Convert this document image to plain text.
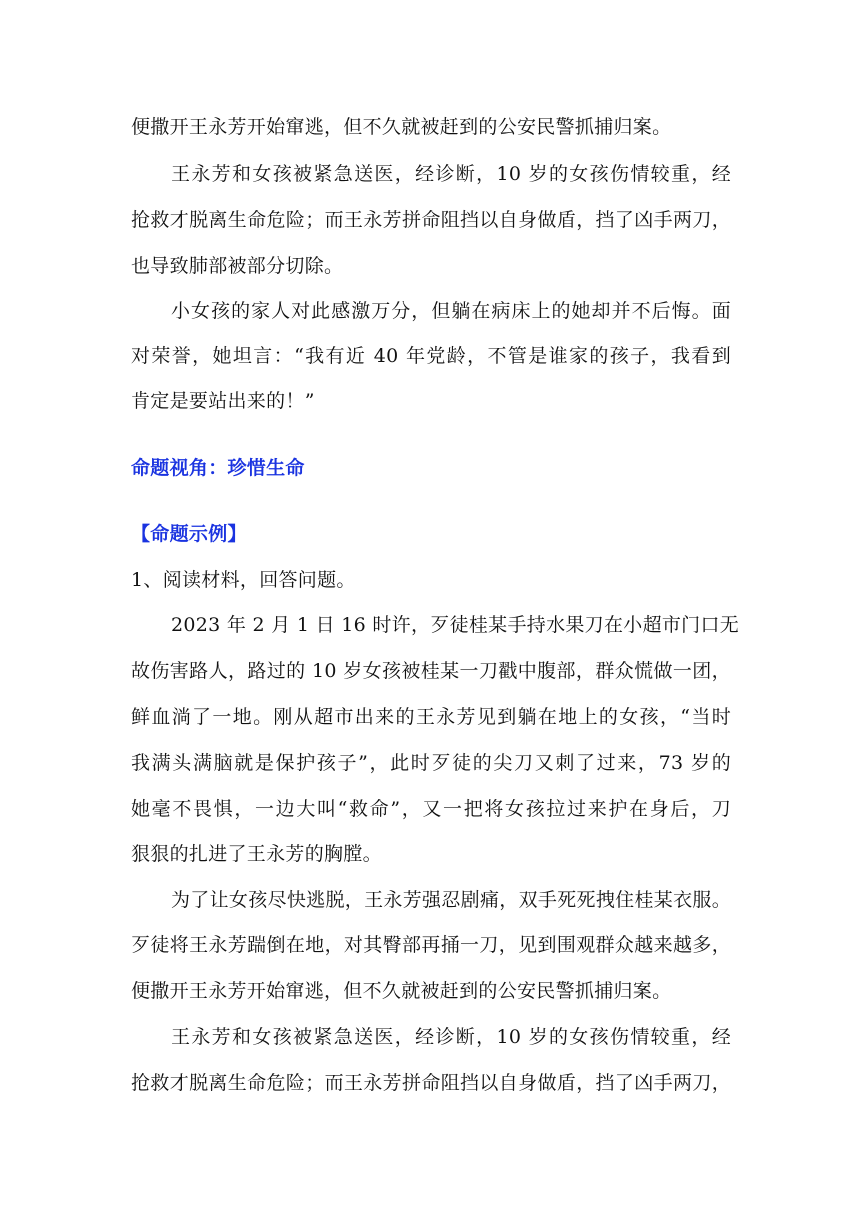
便撒开王永芳开始窜逃，但不久就被赶到的公安民警抓捕归案。
王永芳和女孩被紧急送医，经诊断，10 岁的女孩伤情较重，经
抢救才脱离生命危险；而王永芳拼命阻挡以自身做盾，挡了凶手两刀，
也导致肺部被部分切除。
小女孩的家人对此感激万分，但躺在病床上的她却并不后悔。面
对荣誉，她坦言：“我有近 40 年党龄，不管是谁家的孩子，我看到
肯定是要站出来的！”
命题视角：珍惜生命
【命题示例】
1、阅读材料，回答问题。
2023 年 2 月 1 日 16 时许，歹徒桂某手持水果刀在小超市门口无
故伤害路人，路过的 10 岁女孩被桂某一刀戳中腹部，群众慌做一团，
鲜血淌了一地。刚从超市出来的王永芳见到躺在地上的女孩，“当时
我满头满脑就是保护孩子”，此时歹徒的尖刀又刺了过来，73 岁的
她毫不畏惧，一边大叫“救命”，又一把将女孩拉过来护在身后，刀
狠狠的扎进了王永芳的胸膛。
为了让女孩尽快逃脱，王永芳强忍剧痛，双手死死拽住桂某衣服。
歹徒将王永芳踹倒在地，对其臀部再捅一刀，见到围观群众越来越多，
便撒开王永芳开始窜逃，但不久就被赶到的公安民警抓捕归案。
王永芳和女孩被紧急送医，经诊断，10 岁的女孩伤情较重，经
抢救才脱离生命危险；而王永芳拼命阻挡以自身做盾，挡了凶手两刀，
